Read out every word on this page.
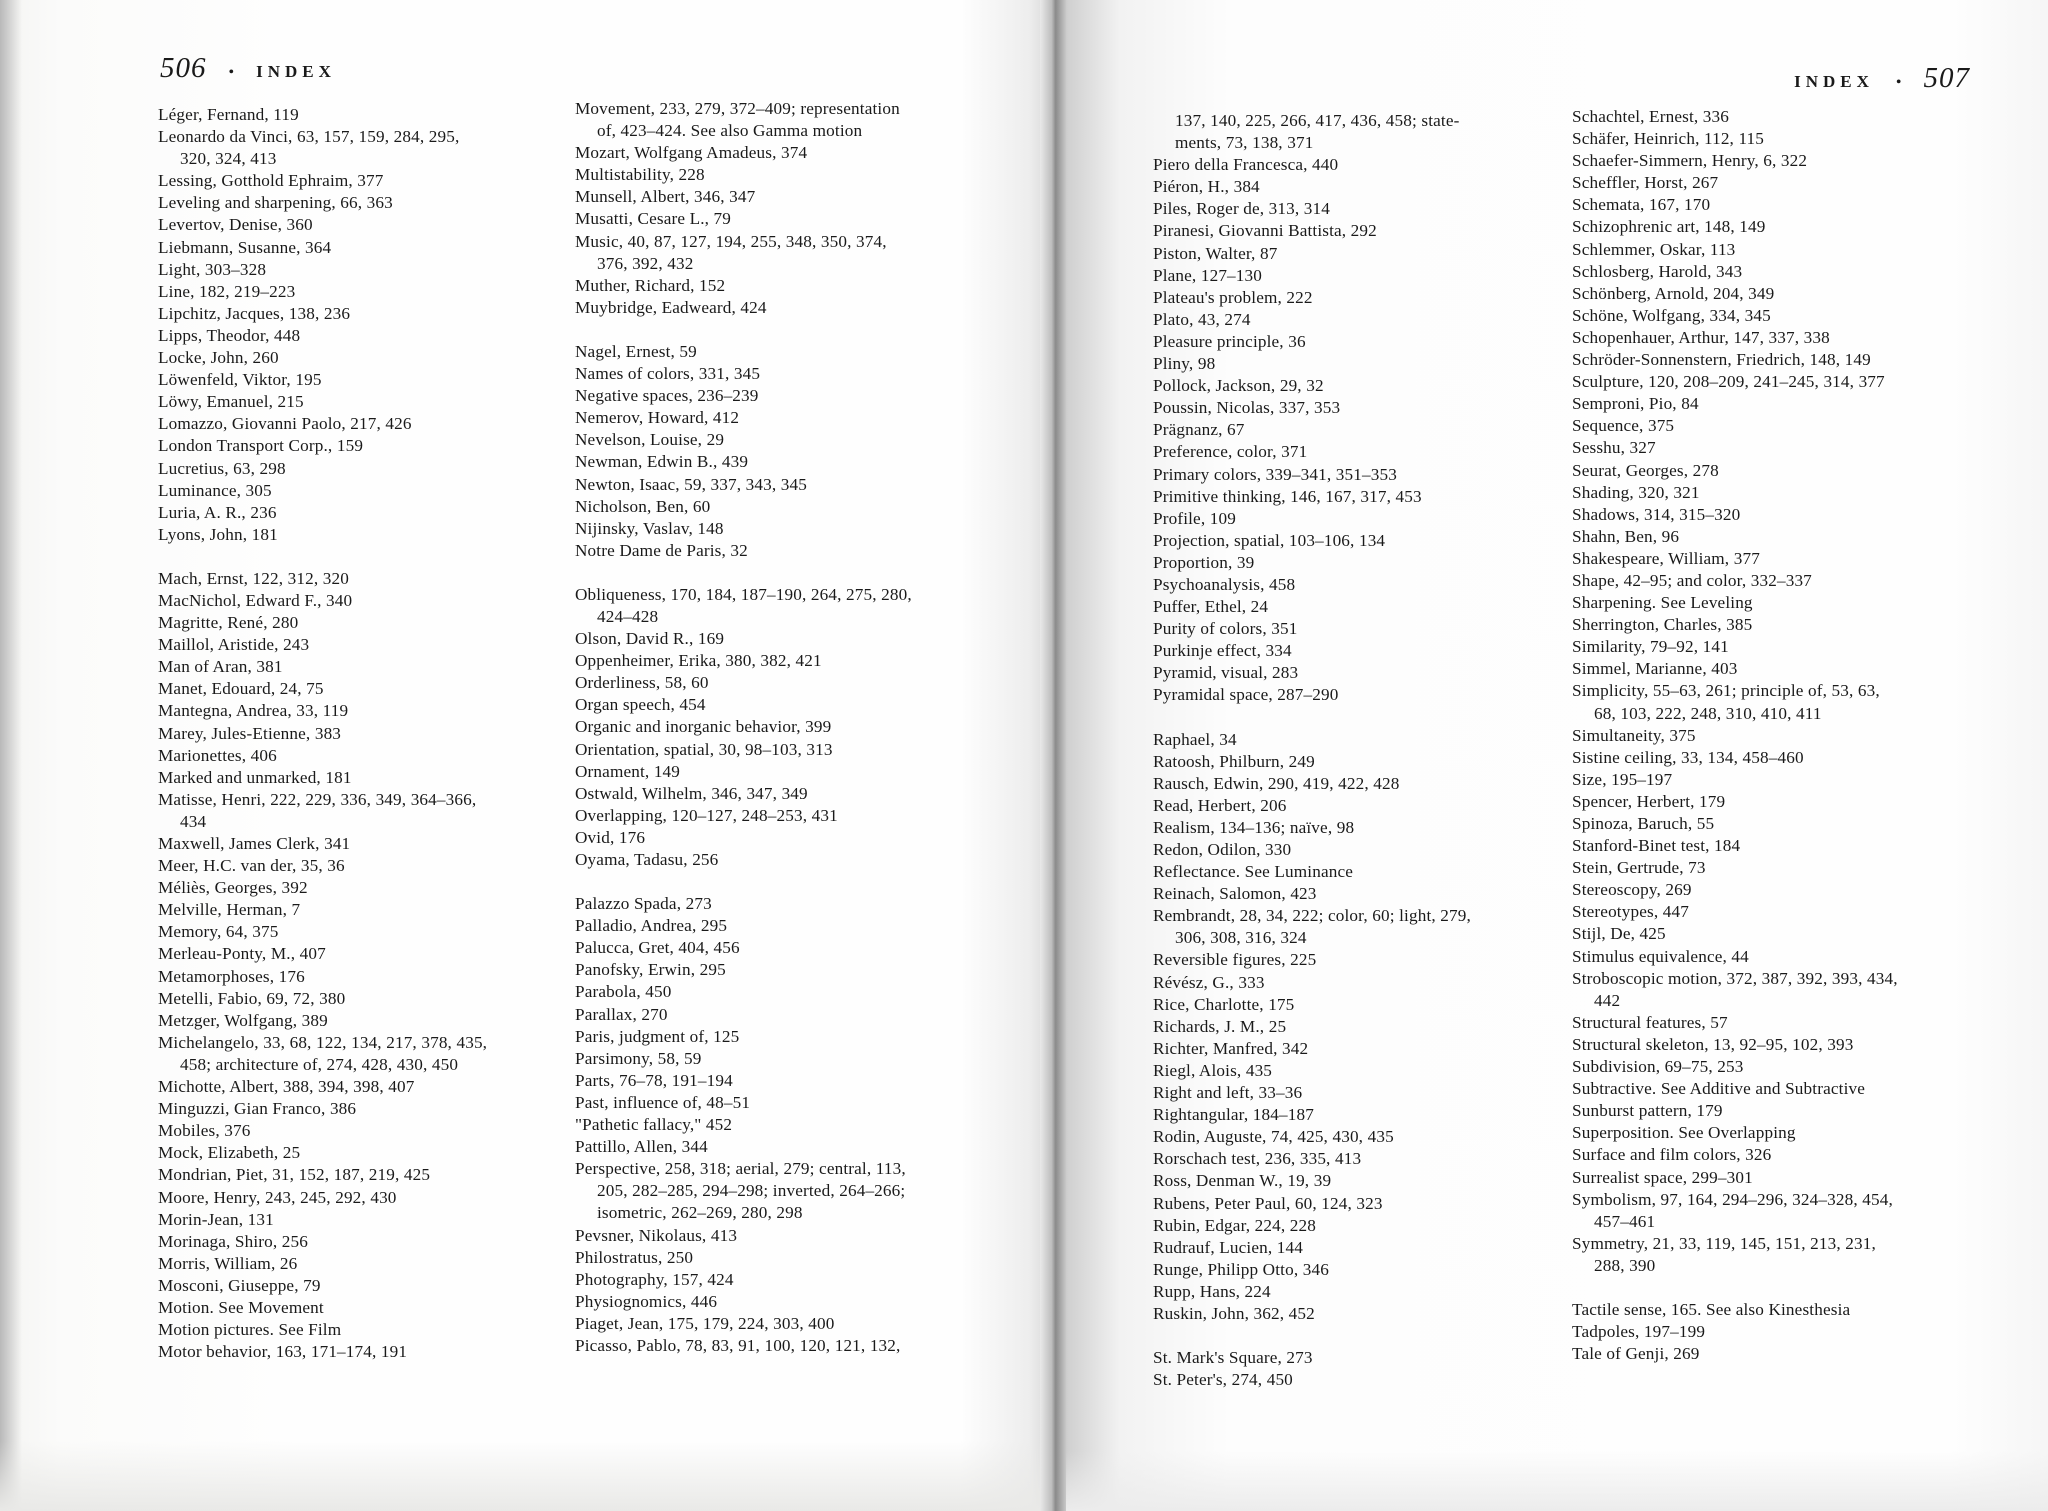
506 • INDEX
INDEX • 507
Léger, Fernand, 119
Leonardo da Vinci, 63, 157, 159, 284, 295,
320, 324, 413
Lessing, Gotthold Ephraim, 377
Leveling and sharpening, 66, 363
Levertov, Denise, 360
Liebmann, Susanne, 364
Light, 303–328
Line, 182, 219–223
Lipchitz, Jacques, 138, 236
Lipps, Theodor, 448
Locke, John, 260
Löwenfeld, Viktor, 195
Löwy, Emanuel, 215
Lomazzo, Giovanni Paolo, 217, 426
London Transport Corp., 159
Lucretius, 63, 298
Luminance, 305
Luria, A. R., 236
Lyons, John, 181
Mach, Ernst, 122, 312, 320
MacNichol, Edward F., 340
Magritte, René, 280
Maillol, Aristide, 243
Man of Aran, 381
Manet, Edouard, 24, 75
Mantegna, Andrea, 33, 119
Marey, Jules-Etienne, 383
Marionettes, 406
Marked and unmarked, 181
Matisse, Henri, 222, 229, 336, 349, 364–366,
434
Maxwell, James Clerk, 341
Meer, H.C. van der, 35, 36
Méliès, Georges, 392
Melville, Herman, 7
Memory, 64, 375
Merleau-Ponty, M., 407
Metamorphoses, 176
Metelli, Fabio, 69, 72, 380
Metzger, Wolfgang, 389
Michelangelo, 33, 68, 122, 134, 217, 378, 435,
458; architecture of, 274, 428, 430, 450
Michotte, Albert, 388, 394, 398, 407
Minguzzi, Gian Franco, 386
Mobiles, 376
Mock, Elizabeth, 25
Mondrian, Piet, 31, 152, 187, 219, 425
Moore, Henry, 243, 245, 292, 430
Morin-Jean, 131
Morinaga, Shiro, 256
Morris, William, 26
Mosconi, Giuseppe, 79
Motion. See Movement
Motion pictures. See Film
Motor behavior, 163, 171–174, 191
Movement, 233, 279, 372–409; representation
of, 423–424. See also Gamma motion
Mozart, Wolfgang Amadeus, 374
Multistability, 228
Munsell, Albert, 346, 347
Musatti, Cesare L., 79
Music, 40, 87, 127, 194, 255, 348, 350, 374,
376, 392, 432
Muther, Richard, 152
Muybridge, Eadweard, 424
Nagel, Ernest, 59
Names of colors, 331, 345
Negative spaces, 236–239
Nemerov, Howard, 412
Nevelson, Louise, 29
Newman, Edwin B., 439
Newton, Isaac, 59, 337, 343, 345
Nicholson, Ben, 60
Nijinsky, Vaslav, 148
Notre Dame de Paris, 32
Obliqueness, 170, 184, 187–190, 264, 275, 280,
424–428
Olson, David R., 169
Oppenheimer, Erika, 380, 382, 421
Orderliness, 58, 60
Organ speech, 454
Organic and inorganic behavior, 399
Orientation, spatial, 30, 98–103, 313
Ornament, 149
Ostwald, Wilhelm, 346, 347, 349
Overlapping, 120–127, 248–253, 431
Ovid, 176
Oyama, Tadasu, 256
Palazzo Spada, 273
Palladio, Andrea, 295
Palucca, Gret, 404, 456
Panofsky, Erwin, 295
Parabola, 450
Parallax, 270
Paris, judgment of, 125
Parsimony, 58, 59
Parts, 76–78, 191–194
Past, influence of, 48–51
"Pathetic fallacy," 452
Pattillo, Allen, 344
Perspective, 258, 318; aerial, 279; central, 113,
205, 282–285, 294–298; inverted, 264–266;
isometric, 262–269, 280, 298
Pevsner, Nikolaus, 413
Philostratus, 250
Photography, 157, 424
Physiognomics, 446
Piaget, Jean, 175, 179, 224, 303, 400
Picasso, Pablo, 78, 83, 91, 100, 120, 121, 132,
137, 140, 225, 266, 417, 436, 458; state-
ments, 73, 138, 371
Piero della Francesca, 440
Piéron, H., 384
Piles, Roger de, 313, 314
Piranesi, Giovanni Battista, 292
Piston, Walter, 87
Plane, 127–130
Plateau's problem, 222
Plato, 43, 274
Pleasure principle, 36
Pliny, 98
Pollock, Jackson, 29, 32
Poussin, Nicolas, 337, 353
Prägnanz, 67
Preference, color, 371
Primary colors, 339–341, 351–353
Primitive thinking, 146, 167, 317, 453
Profile, 109
Projection, spatial, 103–106, 134
Proportion, 39
Psychoanalysis, 458
Puffer, Ethel, 24
Purity of colors, 351
Purkinje effect, 334
Pyramid, visual, 283
Pyramidal space, 287–290
Raphael, 34
Ratoosh, Philburn, 249
Rausch, Edwin, 290, 419, 422, 428
Read, Herbert, 206
Realism, 134–136; naïve, 98
Redon, Odilon, 330
Reflectance. See Luminance
Reinach, Salomon, 423
Rembrandt, 28, 34, 222; color, 60; light, 279,
306, 308, 316, 324
Reversible figures, 225
Révész, G., 333
Rice, Charlotte, 175
Richards, J. M., 25
Richter, Manfred, 342
Riegl, Alois, 435
Right and left, 33–36
Rightangular, 184–187
Rodin, Auguste, 74, 425, 430, 435
Rorschach test, 236, 335, 413
Ross, Denman W., 19, 39
Rubens, Peter Paul, 60, 124, 323
Rubin, Edgar, 224, 228
Rudrauf, Lucien, 144
Runge, Philipp Otto, 346
Rupp, Hans, 224
Ruskin, John, 362, 452
St. Mark's Square, 273
St. Peter's, 274, 450
Schachtel, Ernest, 336
Schäfer, Heinrich, 112, 115
Schaefer-Simmern, Henry, 6, 322
Scheffler, Horst, 267
Schemata, 167, 170
Schizophrenic art, 148, 149
Schlemmer, Oskar, 113
Schlosberg, Harold, 343
Schönberg, Arnold, 204, 349
Schöne, Wolfgang, 334, 345
Schopenhauer, Arthur, 147, 337, 338
Schröder-Sonnenstern, Friedrich, 148, 149
Sculpture, 120, 208–209, 241–245, 314, 377
Semproni, Pio, 84
Sequence, 375
Sesshu, 327
Seurat, Georges, 278
Shading, 320, 321
Shadows, 314, 315–320
Shahn, Ben, 96
Shakespeare, William, 377
Shape, 42–95; and color, 332–337
Sharpening. See Leveling
Sherrington, Charles, 385
Similarity, 79–92, 141
Simmel, Marianne, 403
Simplicity, 55–63, 261; principle of, 53, 63,
68, 103, 222, 248, 310, 410, 411
Simultaneity, 375
Sistine ceiling, 33, 134, 458–460
Size, 195–197
Spencer, Herbert, 179
Spinoza, Baruch, 55
Stanford-Binet test, 184
Stein, Gertrude, 73
Stereoscopy, 269
Stereotypes, 447
Stijl, De, 425
Stimulus equivalence, 44
Stroboscopic motion, 372, 387, 392, 393, 434,
442
Structural features, 57
Structural skeleton, 13, 92–95, 102, 393
Subdivision, 69–75, 253
Subtractive. See Additive and Subtractive
Sunburst pattern, 179
Superposition. See Overlapping
Surface and film colors, 326
Surrealist space, 299–301
Symbolism, 97, 164, 294–296, 324–328, 454,
457–461
Symmetry, 21, 33, 119, 145, 151, 213, 231,
288, 390
Tactile sense, 165. See also Kinesthesia
Tadpoles, 197–199
Tale of Genji, 269
